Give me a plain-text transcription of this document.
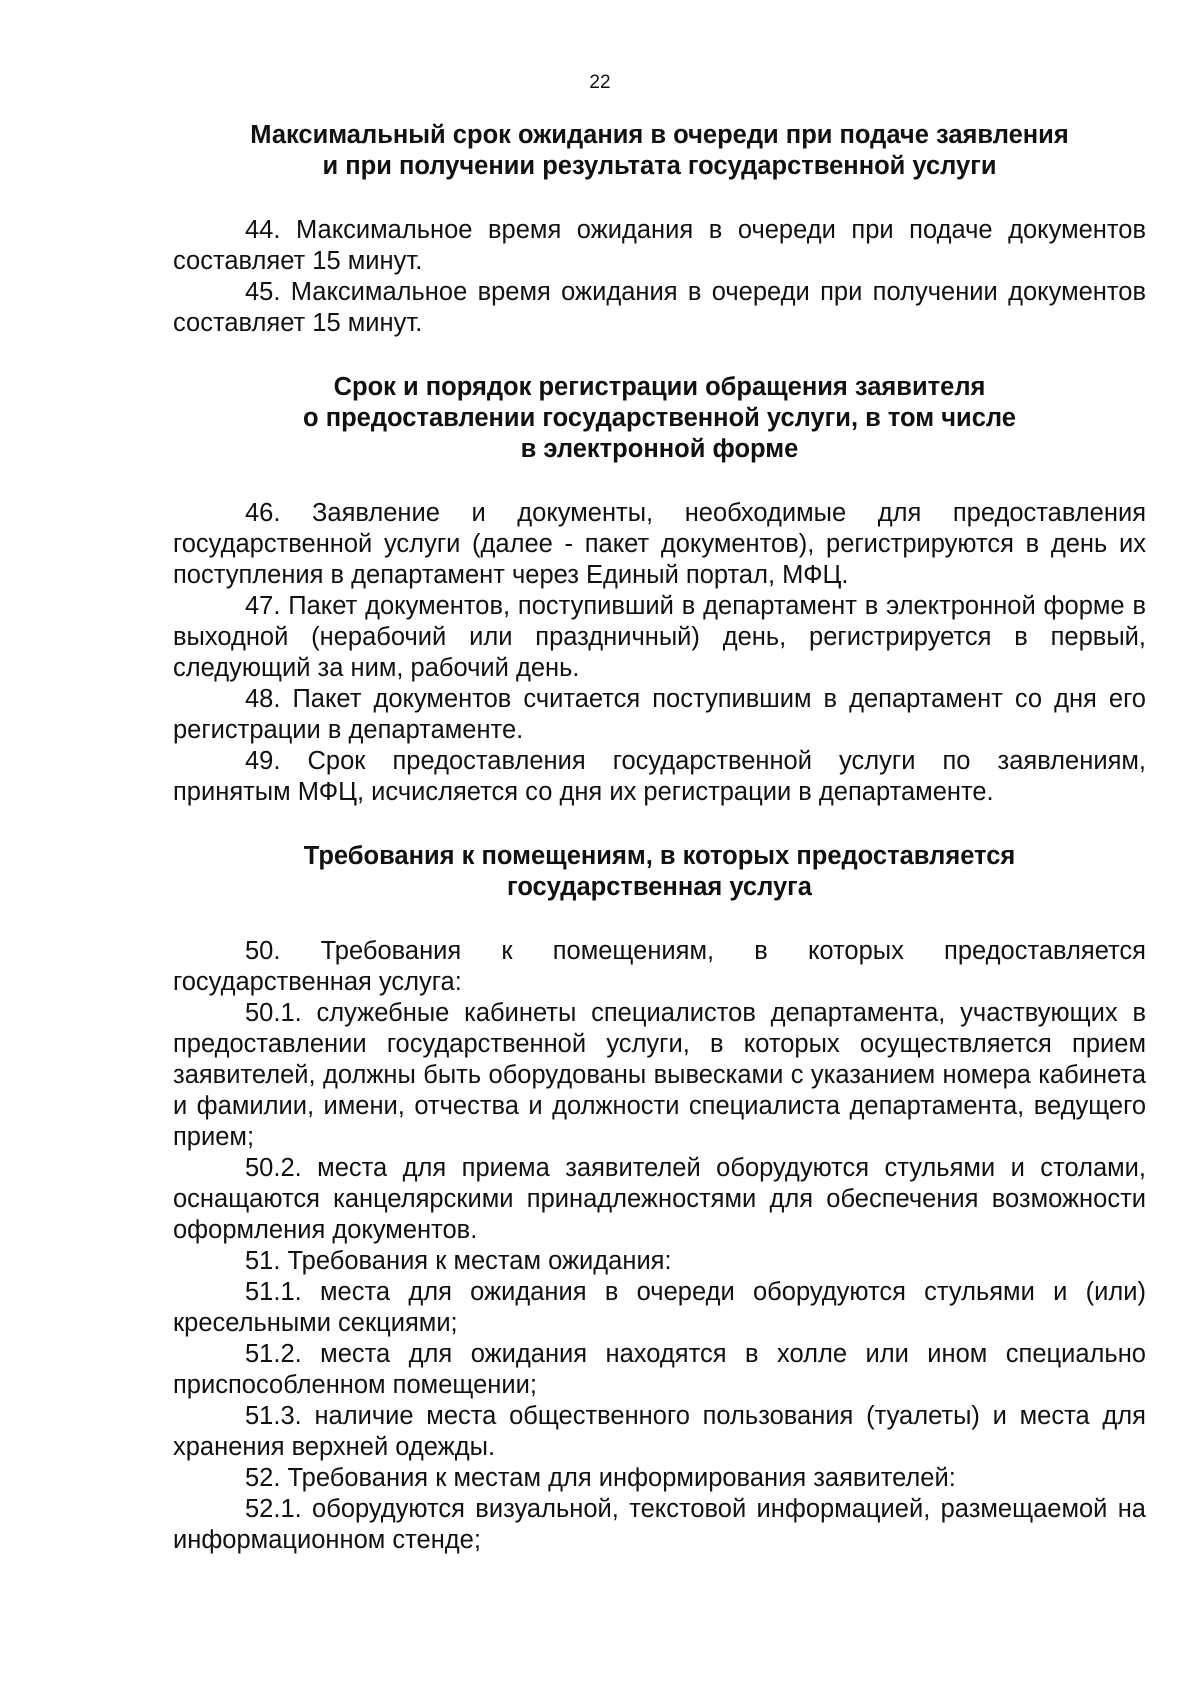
22
Максимальный срок ожидания в очереди при подаче заявления
и при получении результата государственной услуги

44. Максимальное время ожидания в очереди при подаче документов составляет 15 минут.

45. Максимальное время ожидания в очереди при получении документов составляет 15 минут.

Срок и порядок регистрации обращения заявителя
о предоставлении государственной услуги, в том числе
в электронной форме

46. Заявление и документы, необходимые для предоставления государственной услуги (далее - пакет документов), регистрируются в день их поступления в департамент через Единый портал, МФЦ.

47. Пакет документов, поступивший в департамент в электронной форме в выходной (нерабочий или праздничный) день, регистрируется в первый, следующий за ним, рабочий день.

48. Пакет документов считается поступившим в департамент со дня его регистрации в департаменте.

49. Срок предоставления государственной услуги по заявлениям, принятым МФЦ, исчисляется со дня их регистрации в департаменте.

Требования к помещениям, в которых предоставляется
государственная услуга

50. Требования к помещениям, в которых предоставляется государственная услуга:

50.1. служебные кабинеты специалистов департамента, участвующих в предоставлении государственной услуги, в которых осуществляется прием заявителей, должны быть оборудованы вывесками с указанием номера кабинета и фамилии, имени, отчества и должности специалиста департамента, ведущего прием;

50.2. места для приема заявителей оборудуются стульями и столами, оснащаются канцелярскими принадлежностями для обеспечения возможности оформления документов.

51. Требования к местам ожидания:

51.1. места для ожидания в очереди оборудуются стульями и (или) кресельными секциями;

51.2. места для ожидания находятся в холле или ином специально приспособленном помещении;

51.3. наличие места общественного пользования (туалеты) и места для хранения верхней одежды.

52. Требования к местам для информирования заявителей:

52.1. оборудуются визуальной, текстовой информацией, размещаемой на информационном стенде;
